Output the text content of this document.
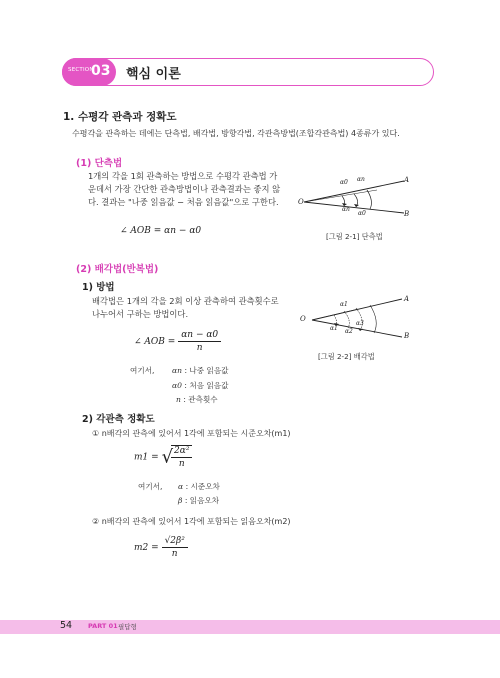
SECTION
03 핵심 이론
1. 수평각 관측과 정확도
수평각을 관측하는 데에는 단측법, 배각법, 방향각법, 각관측방법(조합각관측법) 4종류가 있다.
(1) 단측법
1개의 각을 1회 관측하는 방법으로 수평각 관측법 가
운데서 가장 간단한 관측방법이나 관측결과는 좋지 않
다. 결과는 "나중 읽음값 − 처음 읽음값"으로 구한다.
∠ AOB = αn − α0
O
A
B
α0 αn
αn
α0
[그림 2-1] 단측법
(2) 배각법(반복법)
1) 방법
배각법은 1개의 각을 2회 이상 관측하여 관측횟수로
나누어서 구하는 방법이다.
∠ AOB = $\frac{\alpha n - \alpha 0}{n}$
여기서, αn : 나중 읽음값
α0 : 처음 읽음값
n : 관측횟수
O
A
B
α1
α1 α2
α3
[그림 2-2] 배각법
2) 각관측 정확도
① n배각의 관측에 있어서 1각에 포함되는 시준오차(m1)
m1 = √
$\frac{\text{2α²}}{n}$
여기서, α : 시준오차
β : 읽음오차
② n배각의 관측에 있어서 1각에 포함되는 읽음오차(m2)
$m2 = \frac{\text{√2β²}}{n}$
54 PART 01 필답형
